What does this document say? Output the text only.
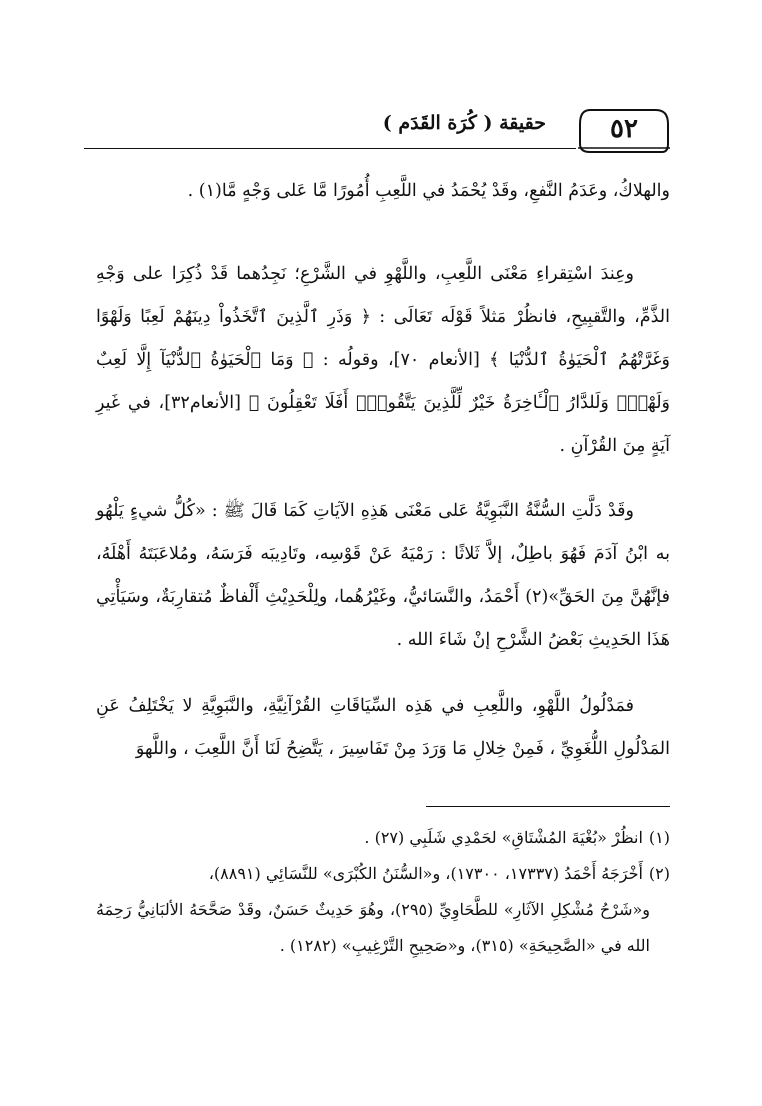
٥٢
حقيقة ( كُرَة القَدَم )
والهلاكُ، وعَدَمُ النَّفعِ، وقَدْ يُحْمَدُ في اللَّعِبِ أُمُورًا مَّا عَلى وَجْهٍ مَّا(١) .
وعِندَ اسْتِقراءِ مَعْنَى اللَّعِبِ، واللَّهْوِ في الشَّرْعِ؛ نَجِدُهما قَدْ ذُكِرَا على وَجْهِ الذَّمِّ، والتَّقبِيحِ، فانظُرْ مَثلاً قَوْلَه تَعَالَى : ﴿ وَذَرِ ٱلَّذِينَ ٱتَّخَذُواْ دِينَهُمْ لَعِبًا وَلَهْوًا وَغَرَّتْهُمُ ٱلْحَيَوٰةُ ٱلدُّنْيَا ﴾ [الأنعام ٧٠]، وقولُه : ﴿ وَمَا ٱلْحَيَوٰةُ ٱلدُّنْيَآ إِلَّا لَعِبٌ وَلَهْوٌۖ وَلَلدَّارُ ٱلْـَٔاخِرَةُ خَيْرٌ لِّلَّذِينَ يَتَّقُونَۗ أَفَلَا تَعْقِلُونَ ﴾ [الأنعام٣٢]، في غَيرِ آيَةٍ مِنَ القُرْآنِ .
وقَدْ دَلَّتِ السُّنَّةُ النَّبَوِيَّةُ عَلى مَعْنَى هَذِهِ الآيَاتِ كَمَا قَالَ ﷺ : «كُلُّ شيءٍ يَلْهُو به ابْنُ آدَمَ فَهُوَ باطِلٌ، إلاَّ ثَلاثًا : رَمْيَهُ عَنْ قَوْسِه، وتَادِيبَه فَرَسَهُ، ومُلاعَبَتَهُ أَهْلَهُ، فإنَّهُنَّ مِنَ الحَقِّ»(٢) أَحْمَدُ، والنَّسَائيُّ، وغَيْرُهُما، ولِلْحَدِيْثِ أَلْفاظٌ مُتقارِبَةٌ، وسَيَأْتِي هَذَا الحَدِيثِ بَعْضُ الشَّرْحِ إنْ شَاءَ الله .
فمَدْلُولُ اللَّهْوِ، واللَّعِبِ في هَذِه السِّيَاقَاتِ القُرْآنِيَّةِ، والنَّبَوِيَّةِ لا يَخْتَلِفُ عَنِ المَدْلُولِ اللُّغَوِيِّ ، فَمِنْ خِلالِ مَا وَرَدَ مِنْ تَفَاسِيرَ ، يَتَّضِحُ لَنَا أَنَّ اللَّعِبَ ، واللَّهوَ

(١)انظُرْ «بُغْيَةَ المُشْتَاقِ» لحَمْدِي شَلَبِي (٢٧) .

(٢)أَخْرَجَهُ أَحْمَدُ (١٧٣٣٧، ١٧٣٠٠)، و«السُّنَنُ الكُبْرَى» للنَّسَائِي (٨٨٩١)،

و«شَرْحُ مُشْكِلِ الآثَارِ» للطَّحَاوِيِّ (٢٩٥)، وهُوَ حَدِيثٌ حَسَنٌ، وقَدْ صَحَّحَهُ الألبَانِيُّ رَحِمَهُ الله في «الصَّحِيحَةِ» (٣١٥)، و«صَحِيحِ التَّرْغِيبِ» (١٢٨٢) .
